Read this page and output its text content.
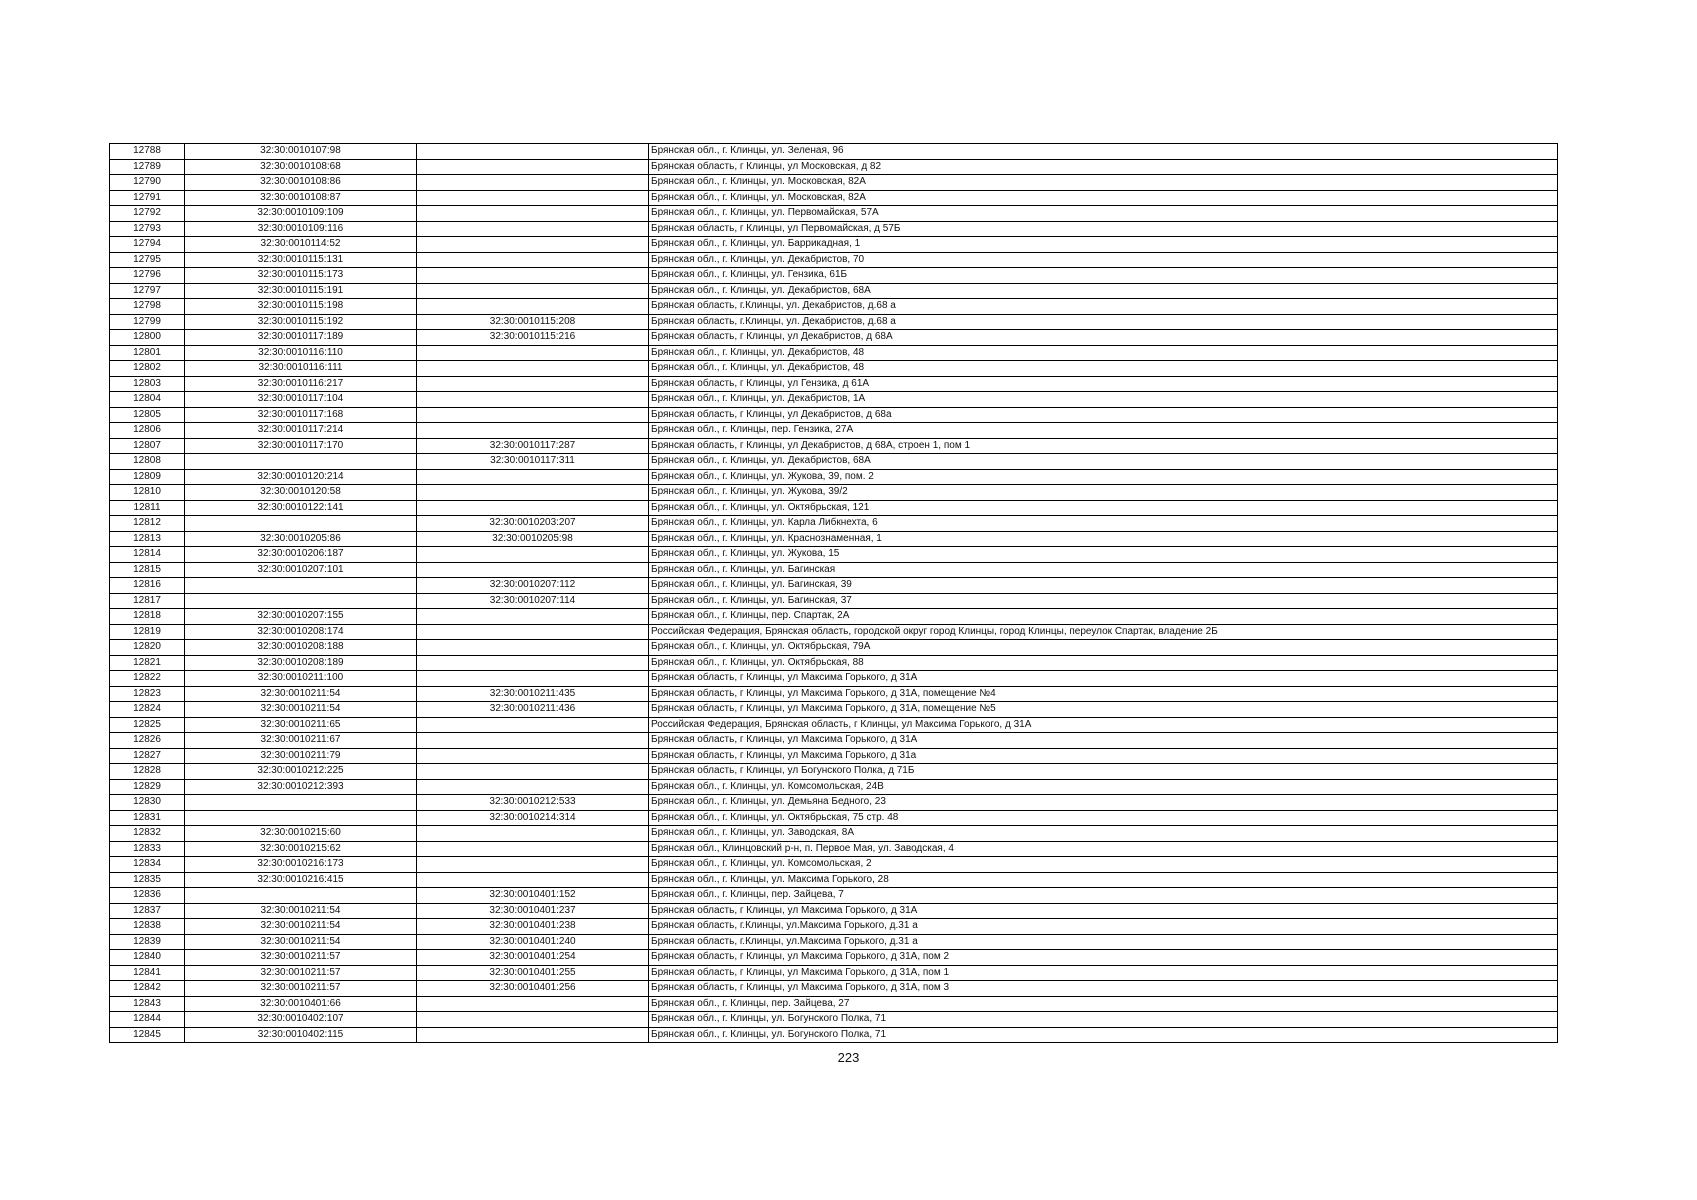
12788	32:30:0010107:98		Брянская обл., г. Клинцы, ул. Зеленая, 96
12789	32:30:0010108:68		Брянская область, г Клинцы, ул Московская, д 82
12790	32:30:0010108:86		Брянская обл., г. Клинцы, ул. Московская, 82А
12791	32:30:0010108:87		Брянская обл., г. Клинцы, ул. Московская, 82А
12792	32:30:0010109:109		Брянская обл., г. Клинцы, ул. Первомайская, 57А
12793	32:30:0010109:116		Брянская область, г Клинцы, ул Первомайская, д 57Б
12794	32:30:0010114:52		Брянская обл., г. Клинцы, ул. Баррикадная, 1
12795	32:30:0010115:131		Брянская обл., г. Клинцы, ул. Декабристов, 70
12796	32:30:0010115:173		Брянская обл., г. Клинцы, ул. Гензика, 61Б
12797	32:30:0010115:191		Брянская обл., г. Клинцы, ул. Декабристов, 68А
12798	32:30:0010115:198		Брянская область, г.Клинцы, ул. Декабристов, д.68 а
12799	32:30:0010115:192	32:30:0010115:208	Брянская область, г.Клинцы, ул. Декабристов, д.68 а
12800	32:30:0010117:189	32:30:0010115:216	Брянская область, г Клинцы, ул Декабристов, д 68А
12801	32:30:0010116:110		Брянская обл., г. Клинцы, ул. Декабристов, 48
12802	32:30:0010116:111		Брянская обл., г. Клинцы, ул. Декабристов, 48
12803	32:30:0010116:217		Брянская область, г Клинцы, ул Гензика, д 61А
12804	32:30:0010117:104		Брянская обл., г. Клинцы, ул. Декабристов, 1А
12805	32:30:0010117:168		Брянская область, г Клинцы, ул Декабристов, д 68а
12806	32:30:0010117:214		Брянская обл., г. Клинцы, пер. Гензика, 27А
12807	32:30:0010117:170	32:30:0010117:287	Брянская область, г Клинцы, ул Декабристов, д 68А, строен 1, пом 1
12808		32:30:0010117:311	Брянская обл., г. Клинцы, ул. Декабристов, 68А
12809	32:30:0010120:214		Брянская обл., г. Клинцы, ул. Жукова, 39, пом. 2
12810	32:30:0010120:58		Брянская обл., г. Клинцы, ул. Жукова, 39/2
12811	32:30:0010122:141		Брянская обл., г. Клинцы, ул. Октябрьская, 121
12812		32:30:0010203:207	Брянская обл., г. Клинцы, ул. Карла Либкнехта, 6
12813	32:30:0010205:86	32:30:0010205:98	Брянская обл., г. Клинцы, ул. Краснознаменная, 1
12814	32:30:0010206:187		Брянская обл., г. Клинцы, ул. Жукова, 15
12815	32:30:0010207:101		Брянская обл., г. Клинцы, ул. Багинская
12816		32:30:0010207:112	Брянская обл., г. Клинцы, ул. Багинская, 39
12817		32:30:0010207:114	Брянская обл., г. Клинцы, ул. Багинская, 37
12818	32:30:0010207:155		Брянская обл., г. Клинцы, пер. Спартак, 2А
12819	32:30:0010208:174		Российская Федерация, Брянская область, городской округ город Клинцы, город Клинцы, переулок Спартак, владение 2Б
12820	32:30:0010208:188		Брянская обл., г. Клинцы, ул. Октябрьская, 79А
12821	32:30:0010208:189		Брянская обл., г. Клинцы, ул. Октябрьская, 88
12822	32:30:0010211:100		Брянская область, г Клинцы, ул Максима Горького, д 31А
12823	32:30:0010211:54	32:30:0010211:435	Брянская область, г Клинцы, ул Максима Горького, д 31А, помещение №4
12824	32:30:0010211:54	32:30:0010211:436	Брянская область, г Клинцы, ул Максима Горького, д 31А, помещение №5
12825	32:30:0010211:65		Российская Федерация, Брянская область, г Клинцы, ул Максима Горького, д 31А
12826	32:30:0010211:67		Брянская область, г Клинцы, ул Максима Горького, д 31А
12827	32:30:0010211:79		Брянская область, г Клинцы, ул Максима Горького, д 31а
12828	32:30:0010212:225		Брянская область, г Клинцы, ул Богунского Полка, д 71Б
12829	32:30:0010212:393		Брянская обл., г. Клинцы, ул. Комсомольская, 24В
12830		32:30:0010212:533	Брянская обл., г. Клинцы, ул. Демьяна Бедного, 23
12831		32:30:0010214:314	Брянская обл., г. Клинцы, ул. Октябрьская, 75 стр. 48
12832	32:30:0010215:60		Брянская обл., г. Клинцы, ул. Заводская, 8А
12833	32:30:0010215:62		Брянская обл., Клинцовский р-н, п. Первое Мая, ул. Заводская, 4
12834	32:30:0010216:173		Брянская обл., г. Клинцы, ул. Комсомольская, 2
12835	32:30:0010216:415		Брянская обл., г. Клинцы, ул. Максима Горького, 28
12836		32:30:0010401:152	Брянская обл., г. Клинцы, пер. Зайцева, 7
12837	32:30:0010211:54	32:30:0010401:237	Брянская область, г Клинцы, ул Максима Горького, д 31А
12838	32:30:0010211:54	32:30:0010401:238	Брянская область, г.Клинцы, ул.Максима Горького, д.31 а
12839	32:30:0010211:54	32:30:0010401:240	Брянская область, г.Клинцы, ул.Максима Горького, д.31 а
12840	32:30:0010211:57	32:30:0010401:254	Брянская область, г Клинцы, ул Максима Горького, д 31А, пом 2
12841	32:30:0010211:57	32:30:0010401:255	Брянская область, г Клинцы, ул Максима Горького, д 31А, пом 1
12842	32:30:0010211:57	32:30:0010401:256	Брянская область, г Клинцы, ул Максима Горького, д 31А, пом 3
12843	32:30:0010401:66		Брянская обл., г. Клинцы, пер. Зайцева, 27
12844	32:30:0010402:107		Брянская обл., г. Клинцы, ул. Богунского Полка, 71
12845	32:30:0010402:115		Брянская обл., г. Клинцы, ул. Богунского Полка, 71
223
